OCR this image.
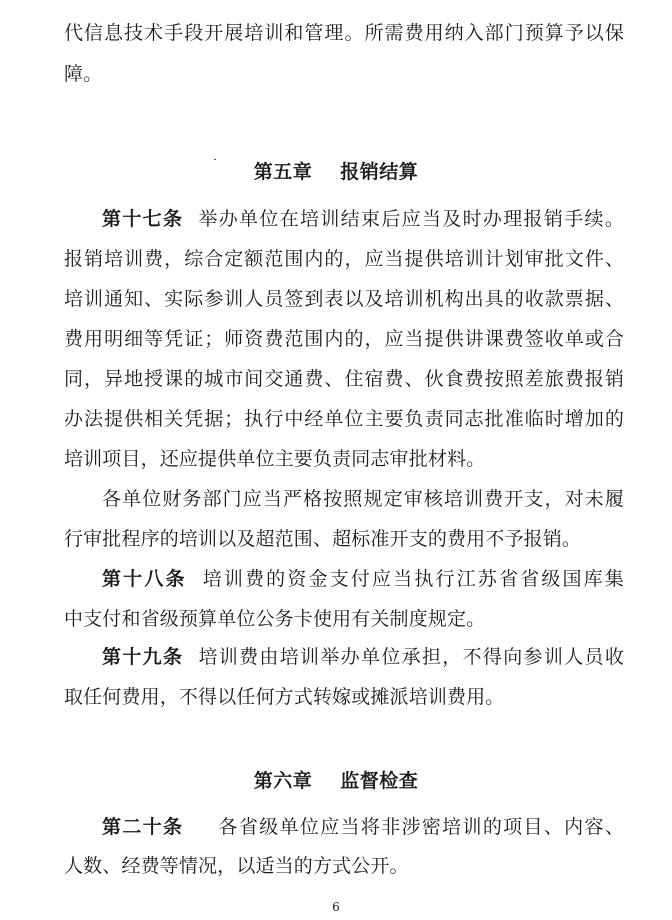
代信息技术手段开展培训和管理。所需费用纳入部门预算予以保
障。
第五章 报销结算
第十七条 举办单位在培训结束后应当及时办理报销手续。
报销培训费，综合定额范围内的，应当提供培训计划审批文件、
培训通知、实际参训人员签到表以及培训机构出具的收款票据、
费用明细等凭证；师资费范围内的，应当提供讲课费签收单或合
同，异地授课的城市间交通费、住宿费、伙食费按照差旅费报销
办法提供相关凭据；执行中经单位主要负责同志批准临时增加的
培训项目，还应提供单位主要负责同志审批材料。
各单位财务部门应当严格按照规定审核培训费开支，对未履
行审批程序的培训以及超范围、超标准开支的费用不予报销。
第十八条 培训费的资金支付应当执行江苏省省级国库集
中支付和省级预算单位公务卡使用有关制度规定。
第十九条 培训费由培训举办单位承担，不得向参训人员收
取任何费用，不得以任何方式转嫁或摊派培训费用。
第六章 监督检查
第二十条 各省级单位应当将非涉密培训的项目、内容、
人数、经费等情况，以适当的方式公开。
6
